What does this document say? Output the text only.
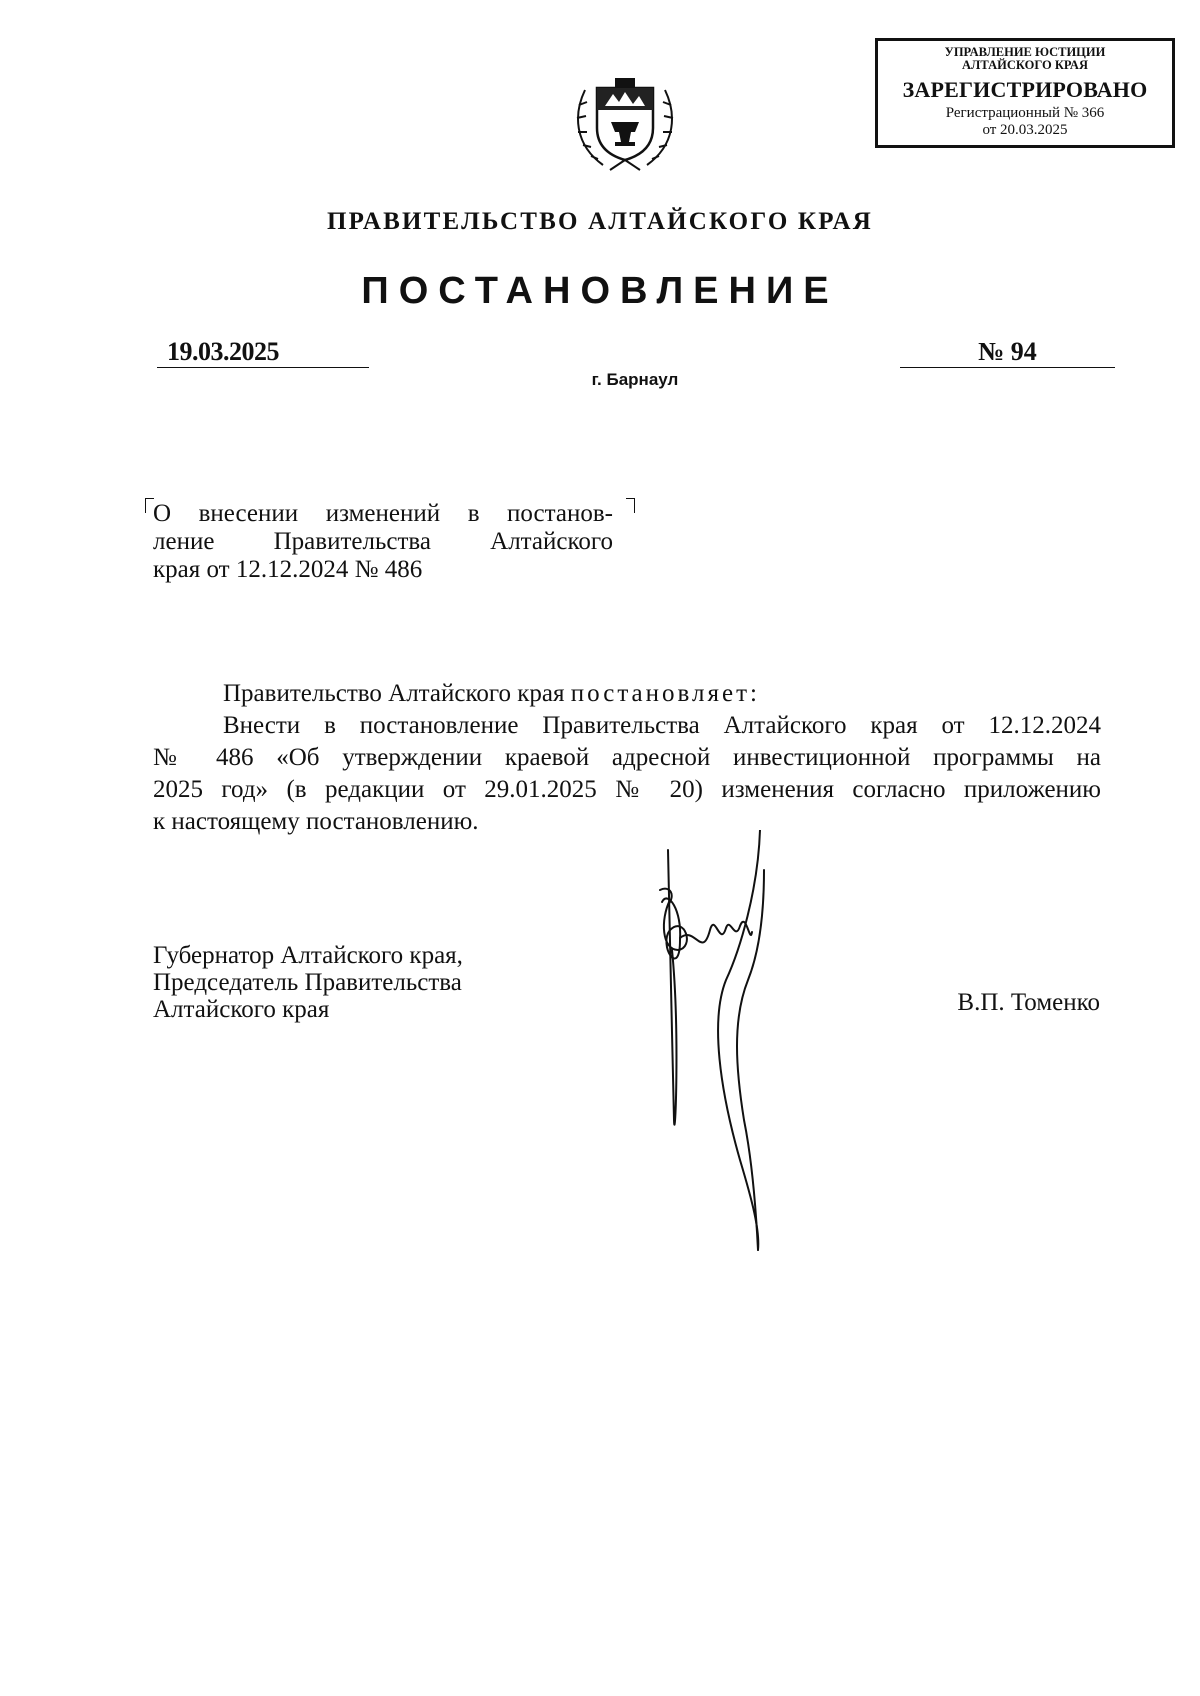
УПРАВЛЕНИЕ ЮСТИЦИИ
АЛТАЙСКОГО КРАЯ
ЗАРЕГИСТРИРОВАНО
Регистрационный № 366
от 20.03.2025
ПРАВИТЕЛЬСТВО АЛТАЙСКОГО КРАЯ
ПОСТАНОВЛЕНИЕ
19.03.2025	№ 94
г. Барнаул
О внесении изменений в постанов-
ление Правительства Алтайского
края от 12.12.2024 № 486

Правительство Алтайского края постановляет:

Внести в постановление Правительства Алтайского края от 12.12.2024

№ 486 «Об утверждении краевой адресной инвестиционной программы на

2025 год» (в редакции от 29.01.2025 № 20) изменения согласно приложению

к настоящему постановлению.

Губернатор Алтайского края,
Председатель Правительства
Алтайского края	В.П. Томенко
